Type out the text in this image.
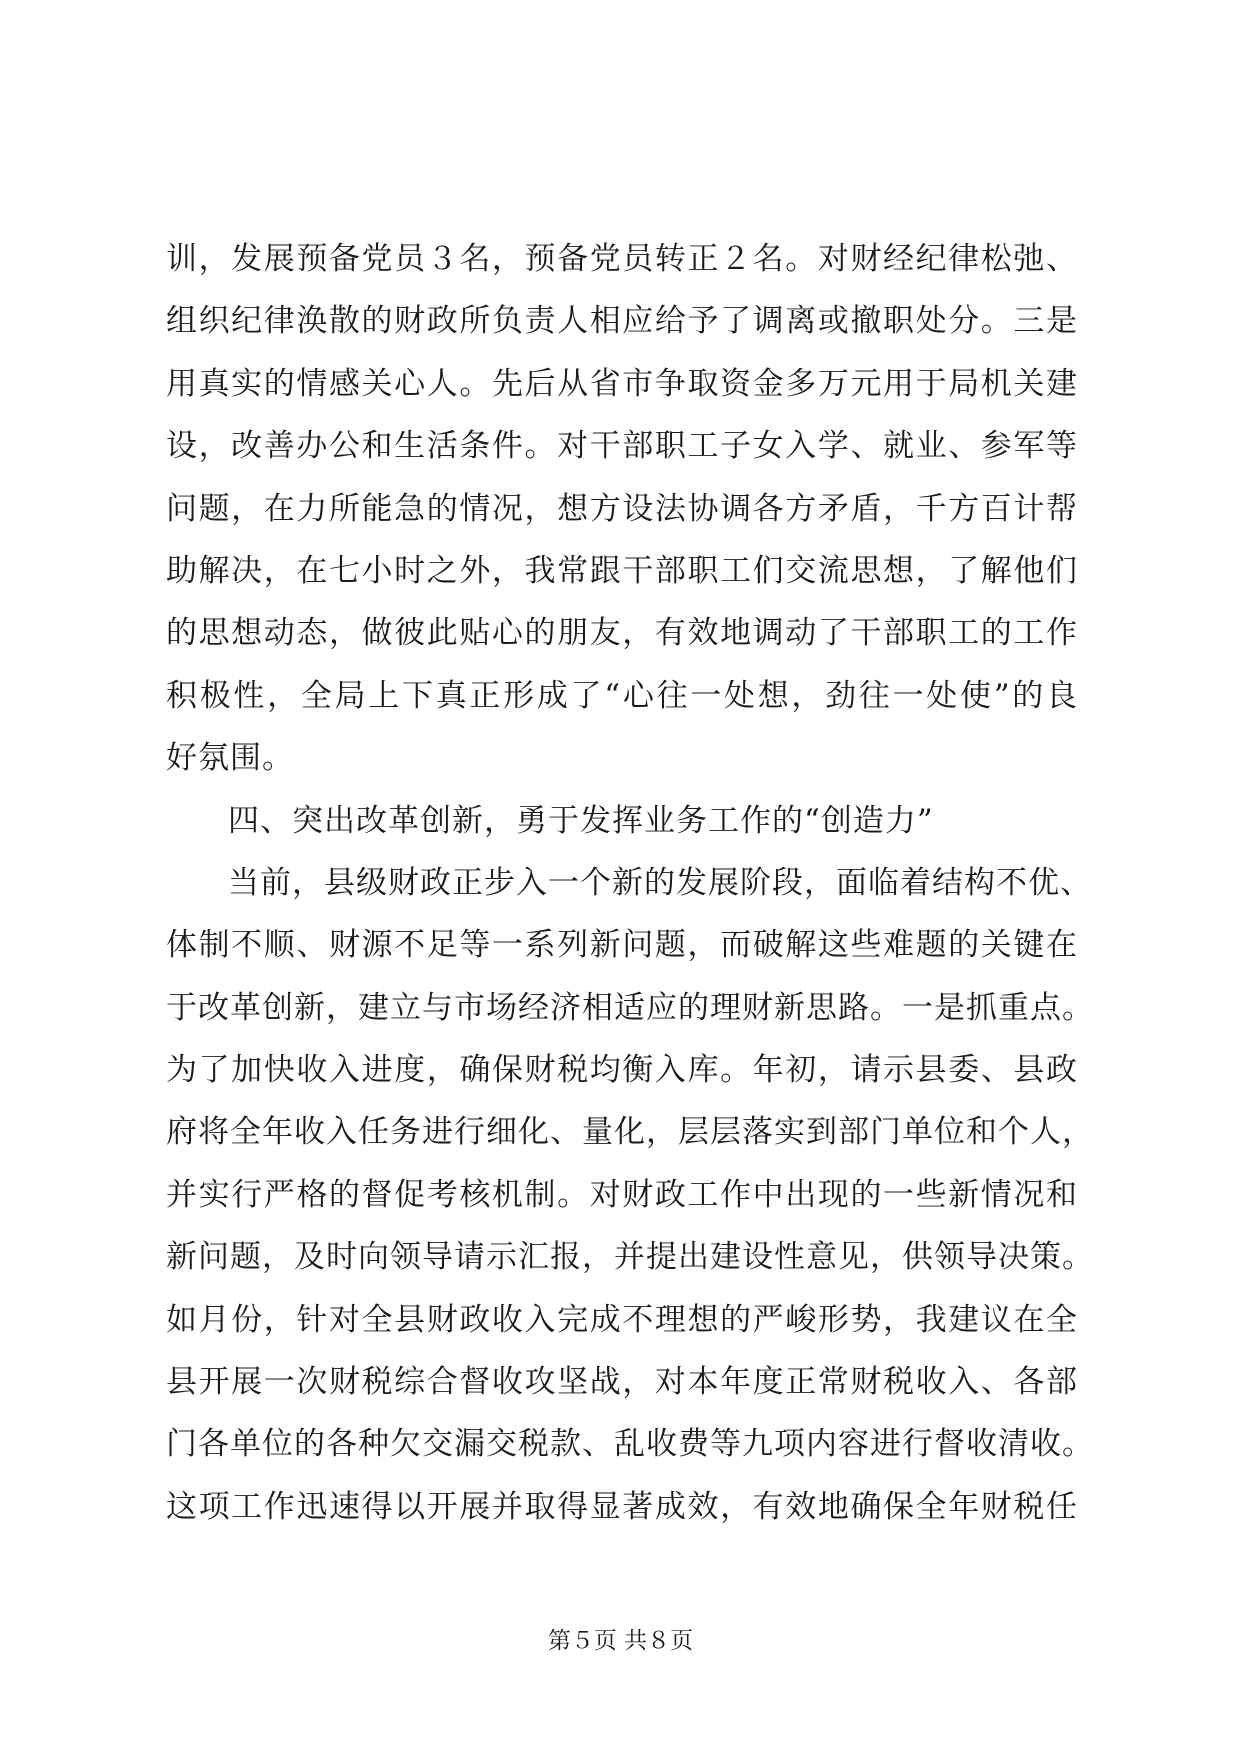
训，发展预备党员３名，预备党员转正２名。对财经纪律松弛、
组织纪律涣散的财政所负责人相应给予了调离或撤职处分。三是
用真实的情感关心人。先后从省市争取资金多万元用于局机关建
设，改善办公和生活条件。对干部职工子女入学、就业、参军等
问题，在力所能急的情况，想方设法协调各方矛盾，千方百计帮
助解决，在七小时之外，我常跟干部职工们交流思想，了解他们
的思想动态，做彼此贴心的朋友，有效地调动了干部职工的工作
积极性，全局上下真正形成了“心往一处想，劲往一处使”的良
好氛围。
四、突出改革创新，勇于发挥业务工作的“创造力”
当前，县级财政正步入一个新的发展阶段，面临着结构不优、
体制不顺、财源不足等一系列新问题，而破解这些难题的关键在
于改革创新，建立与市场经济相适应的理财新思路。一是抓重点。
为了加快收入进度，确保财税均衡入库。年初，请示县委、县政
府将全年收入任务进行细化、量化，层层落实到部门单位和个人，
并实行严格的督促考核机制。对财政工作中出现的一些新情况和
新问题，及时向领导请示汇报，并提出建设性意见，供领导决策。
如月份，针对全县财政收入完成不理想的严峻形势，我建议在全
县开展一次财税综合督收攻坚战，对本年度正常财税收入、各部
门各单位的各种欠交漏交税款、乱收费等九项内容进行督收清收。
这项工作迅速得以开展并取得显著成效，有效地确保全年财税任
第５页 共８页
